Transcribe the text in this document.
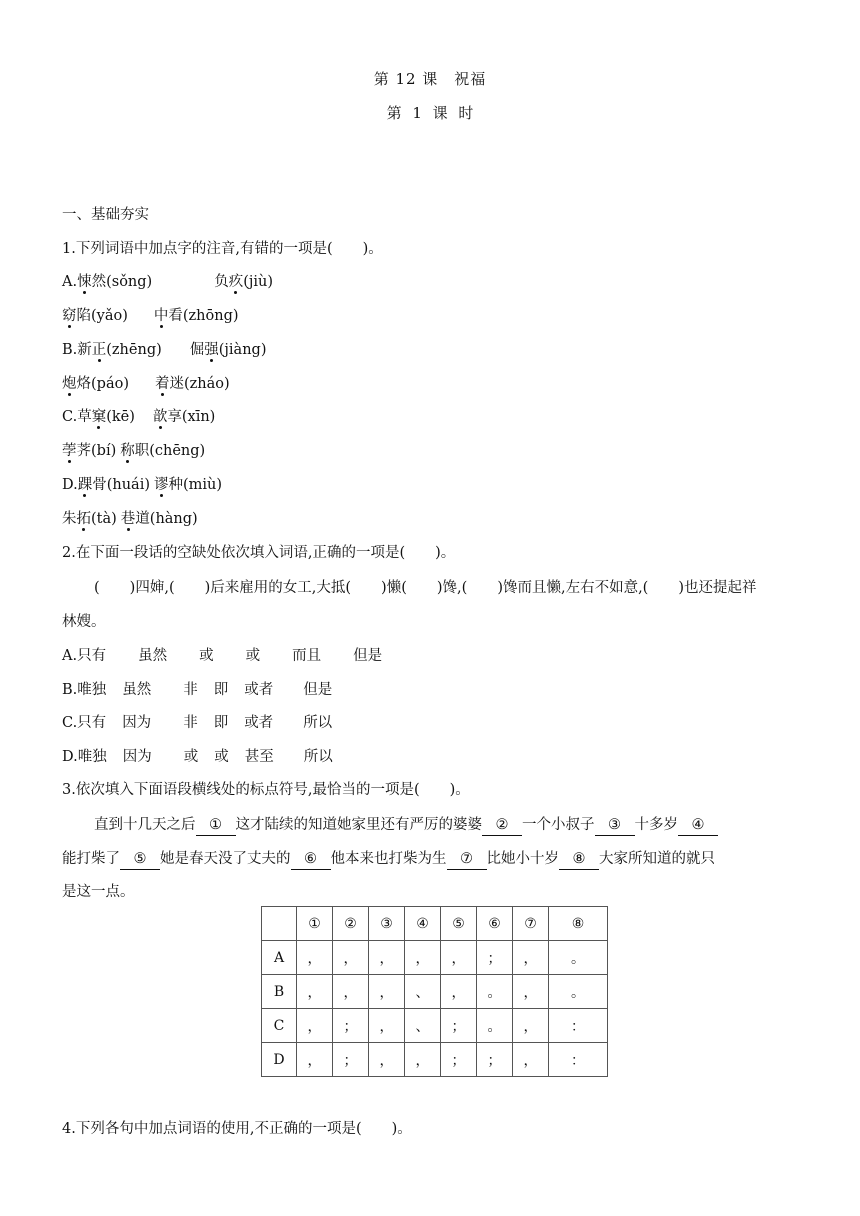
第 12 课　祝福
第 1 课 时
一、基础夯实
1.下列词语中加点字的注音,有错的一项是( )。
A.悚然(sǒng)	负疚(jiù)
窈陷(yǎo) 中看(zhōng)
B.新正(zhēng) 倔强(jiàng)
炮烙(páo) 着迷(zháo)
C.草窠(kē) 歆享(xīn)
荸荠(bí) 称职(chēng)
D.踝骨(huái) 谬种(miù)
朱拓(tà) 巷道(hàng)
2.在下面一段话的空缺处依次填入词语,正确的一项是( )。
( )四婶,( )后来雇用的女工,大抵( )懒( )馋,( )馋而且懒,左右不如意,( )也还提起祥
林嫂。
A.只有 虽然 或 或 而且 但是
B.唯独 虽然 非 即 或者 但是
C.只有 因为 非 即 或者 所以
D.唯独 因为 或 或 甚至 所以
3.依次填入下面语段横线处的标点符号,最恰当的一项是( )。
直到十几天之后 ① 这才陆续的知道她家里还有严厉的婆婆 ② 一个小叔子 ③ 十多岁 ④
能打柴了 ⑤ 她是春天没了丈夫的 ⑥ 他本来也打柴为生 ⑦ 比她小十岁 ⑧ 大家所知道的就只
是这一点。
	①	②	③	④	⑤	⑥	⑦	⑧
A	，	，	，	，	，	；	，	。
B	，	，	，	、	，	。	，	。
C	，	；	，	、	；	。	，	：
D	，	；	，	，	；	；	，	：
4.下列各句中加点词语的使用,不正确的一项是( )。
